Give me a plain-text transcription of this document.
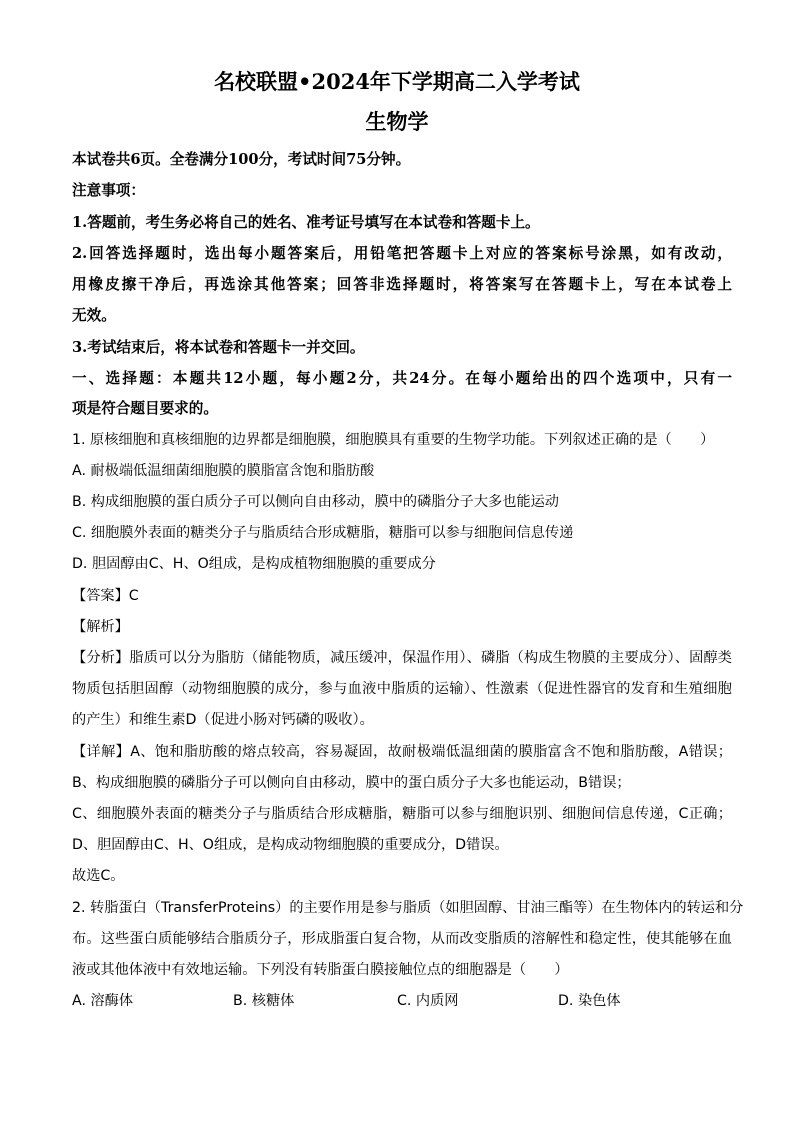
名校联盟•2024年下学期高二入学考试
生物学
本试卷共6页。全卷满分100分，考试时间75分钟。
注意事项：
1.答题前，考生务必将自己的姓名、准考证号填写在本试卷和答题卡上。
2.回答选择题时，选出每小题答案后，用铅笔把答题卡上对应的答案标号涂黑，如有改动，
用橡皮擦干净后，再选涂其他答案；回答非选择题时，将答案写在答题卡上，写在本试卷上
无效。
3.考试结束后，将本试卷和答题卡一并交回。
一、选择题：本题共12小题，每小题2分，共24分。在每小题给出的四个选项中，只有一
项是符合题目要求的。
1. 原核细胞和真核细胞的边界都是细胞膜，细胞膜具有重要的生物学功能。下列叙述正确的是（　　）
A. 耐极端低温细菌细胞膜的膜脂富含饱和脂肪酸
B. 构成细胞膜的蛋白质分子可以侧向自由移动，膜中的磷脂分子大多也能运动
C. 细胞膜外表面的糖类分子与脂质结合形成糖脂，糖脂可以参与细胞间信息传递
D. 胆固醇由C、H、O组成，是构成植物细胞膜的重要成分
【答案】C
【解析】
【分析】脂质可以分为脂肪（储能物质，减压缓冲，保温作用）、磷脂（构成生物膜的主要成分）、固醇类
物质包括胆固醇（动物细胞膜的成分，参与血液中脂质的运输）、性激素（促进性器官的发育和生殖细胞
的产生）和维生素D（促进小肠对钙磷的吸收）。
【详解】A、饱和脂肪酸的熔点较高，容易凝固，故耐极端低温细菌的膜脂富含不饱和脂肪酸，A错误；
B、构成细胞膜的磷脂分子可以侧向自由移动，膜中的蛋白质分子大多也能运动，B错误；
C、细胞膜外表面的糖类分子与脂质结合形成糖脂，糖脂可以参与细胞识别、细胞间信息传递，C正确；
D、胆固醇由C、H、O组成，是构成动物细胞膜的重要成分，D错误。
故选C。
2. 转脂蛋白（TransferProteins）的主要作用是参与脂质（如胆固醇、甘油三酯等）在生物体内的转运和分
布。这些蛋白质能够结合脂质分子，形成脂蛋白复合物，从而改变脂质的溶解性和稳定性，使其能够在血
液或其他体液中有效地运输。下列没有转脂蛋白膜接触位点的细胞器是（　　）
A. 溶酶体	B. 核糖体	C. 内质网	D. 染色体
